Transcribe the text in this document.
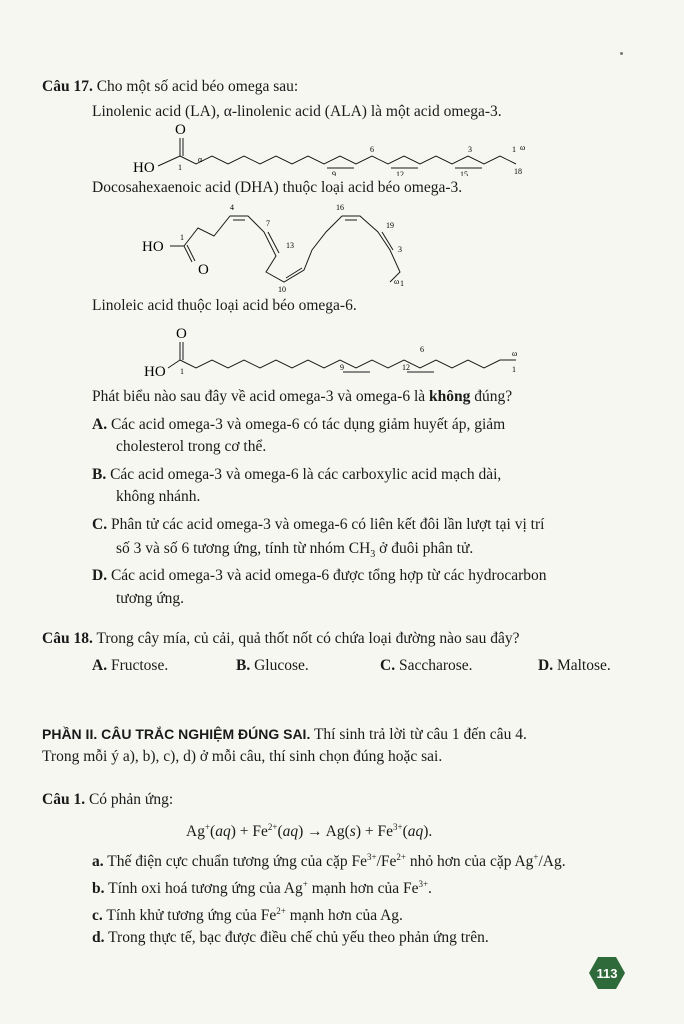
Câu 17. Cho một số acid béo omega sau:
Linolenic acid (LA), α-linolenic acid (ALA) là một acid omega-3.
O
HO	1
α
9	12	15
6	3	1 ω
18
Docosahexaenoic acid (DHA) thuộc loại acid béo omega-3.
O
HO
1
4
7
16
19
13	3
10
ω 1
Linoleic acid thuộc loại acid béo omega-6.
O
HO 1	9	12
6	ω
1
Phát biểu nào sau đây về acid omega-3 và omega-6 là không đúng?
A. Các acid omega-3 và omega-6 có tác dụng giảm huyết áp, giảm
cholesterol trong cơ thể.
B. Các acid omega-3 và omega-6 là các carboxylic acid mạch dài,
không nhánh.
C. Phân tử các acid omega-3 và omega-6 có liên kết đôi lần lượt tại vị trí
số 3 và số 6 tương ứng, tính từ nhóm $CH_3$ ở đuôi phân tử.
D. Các acid omega-3 và acid omega-6 được tổng hợp từ các hydrocarbon
tương ứng.
Câu 18. Trong cây mía, củ cải, quả thốt nốt có chứa loại đường nào sau đây?
A. Fructose.	B. Glucose.	C. Saccharose.	D. Maltose.
PHẦN II. CÂU TRẮC NGHIỆM ĐÚNG SAI. Thí sinh trả lời từ câu 1 đến câu 4.
Trong mỗi ý a), b), c), d) ở mỗi câu, thí sinh chọn đúng hoặc sai.
Câu 1. Có phản ứng:
$Ag^+(aq) + Fe^{2+}(aq) \to Ag(s) + Fe^{3+}(aq)$.
a. Thế điện cực chuẩn tương ứng của cặp $Fe^{3+}/Fe^{2+}$ nhỏ hơn của cặp Ag+/Ag.
b. Tính oxi hoá tương ứng của Ag+ mạnh hơn của $Fe^{3+}$.
c. Tính khử tương ứng của $Fe^{2+}$ mạnh hơn của Ag.
d. Trong thực tế, bạc được điều chế chủ yếu theo phản ứng trên.
113
